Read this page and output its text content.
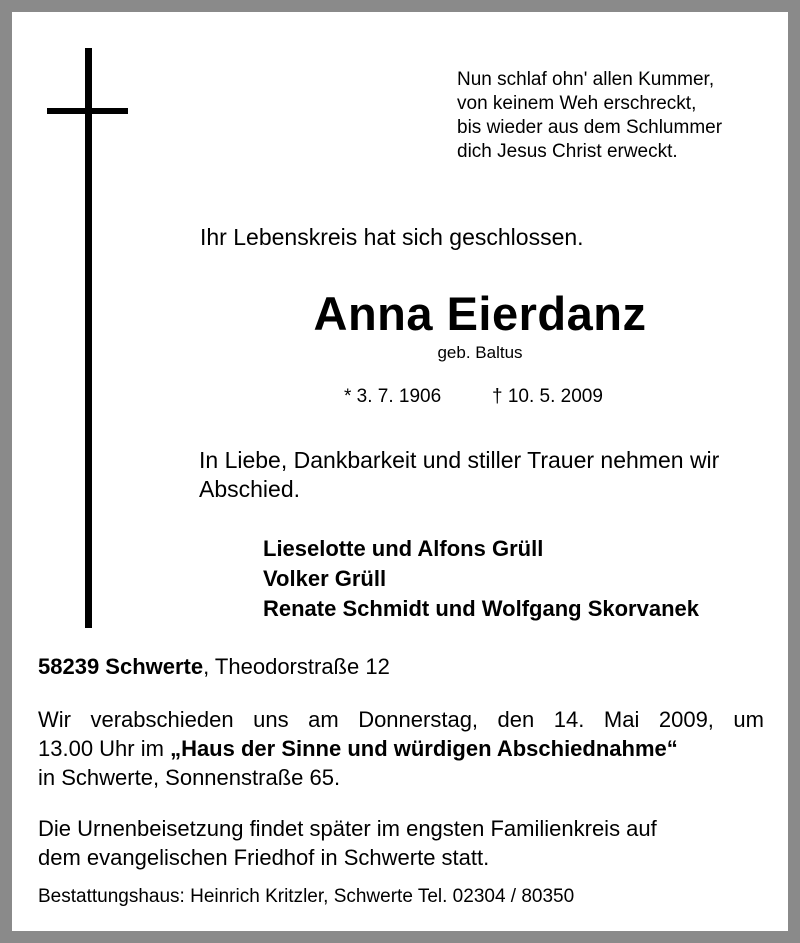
Nun schlaf ohn' allen Kummer,
von keinem Weh erschreckt,
bis wieder aus dem Schlummer
dich Jesus Christ erweckt.
Ihr Lebenskreis hat sich geschlossen.
Anna Eierdanz
geb. Baltus
* 3. 7. 1906	† 10. 5. 2009
In Liebe, Dankbarkeit und stiller Trauer nehmen wir Abschied.
Lieselotte und Alfons Grüll
Volker Grüll
Renate Schmidt und Wolfgang Skorvanek
58239 Schwerte, Theodorstraße 12
Wir verabschieden uns am Donnerstag, den 14. Mai 2009, um
13.00 Uhr im „Haus der Sinne und würdigen Abschiednahme“
in Schwerte, Sonnenstraße 65.
Die Urnenbeisetzung findet später im engsten Familienkreis auf
dem evangelischen Friedhof in Schwerte statt.
Bestattungshaus: Heinrich Kritzler, Schwerte Tel. 02304 / 80350
